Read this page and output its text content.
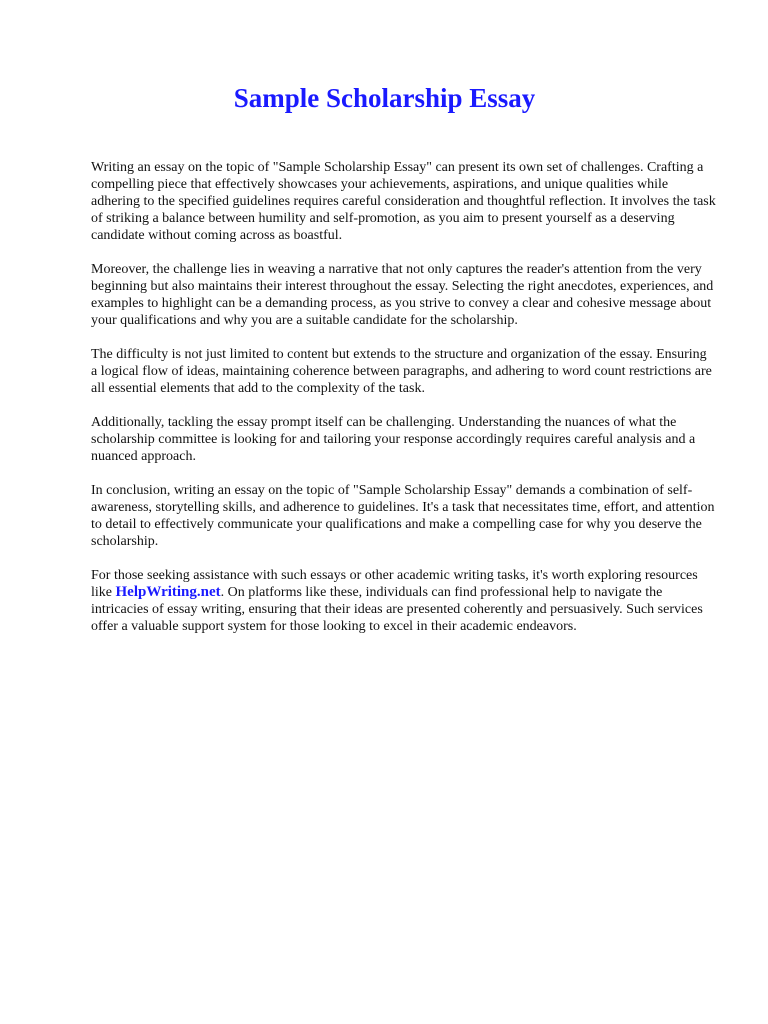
Sample Scholarship Essay

Writing an essay on the topic of "Sample Scholarship Essay" can present its own set of challenges. Crafting a compelling piece that effectively showcases your achievements, aspirations, and unique qualities while adhering to the specified guidelines requires careful consideration and thoughtful reflection. It involves the task of striking a balance between humility and self-promotion, as you aim to present yourself as a deserving candidate without coming across as boastful.

Moreover, the challenge lies in weaving a narrative that not only captures the reader's attention from the very beginning but also maintains their interest throughout the essay. Selecting the right anecdotes, experiences, and examples to highlight can be a demanding process, as you strive to convey a clear and cohesive message about your qualifications and why you are a suitable candidate for the scholarship.

The difficulty is not just limited to content but extends to the structure and organization of the essay. Ensuring a logical flow of ideas, maintaining coherence between paragraphs, and adhering to word count restrictions are all essential elements that add to the complexity of the task.

Additionally, tackling the essay prompt itself can be challenging. Understanding the nuances of what the scholarship committee is looking for and tailoring your response accordingly requires careful analysis and a nuanced approach.

In conclusion, writing an essay on the topic of "Sample Scholarship Essay" demands a combination of self-awareness, storytelling skills, and adherence to guidelines. It's a task that necessitates time, effort, and attention to detail to effectively communicate your qualifications and make a compelling case for why you deserve the scholarship.

For those seeking assistance with such essays or other academic writing tasks, it's worth exploring resources like HelpWriting.net. On platforms like these, individuals can find professional help to navigate the intricacies of essay writing, ensuring that their ideas are presented coherently and persuasively. Such services offer a valuable support system for those looking to excel in their academic endeavors.
